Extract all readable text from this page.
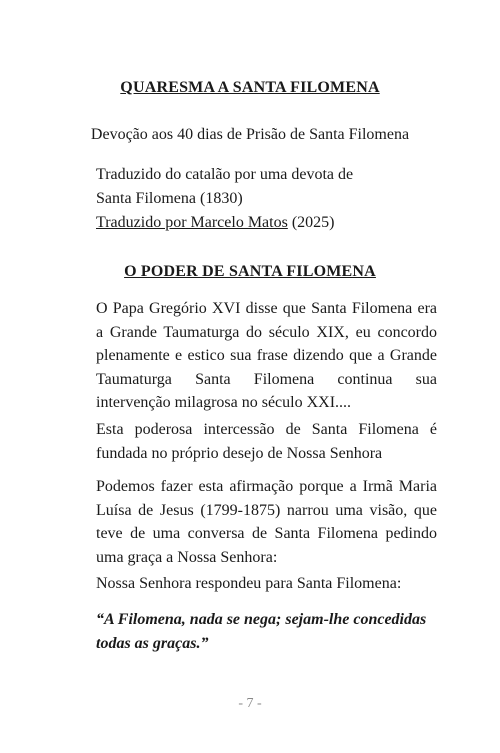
QUARESMA A SANTA FILOMENA
Devoção aos 40 dias de Prisão de Santa Filomena
Traduzido do catalão por uma devota de
Santa Filomena (1830)
Traduzido por Marcelo Matos (2025)
O PODER DE SANTA FILOMENA

O Papa Gregório XVI disse que Santa Filomena era a Grande Taumaturga do século XIX, eu concordo plenamente e estico sua frase dizendo que a Grande Taumaturga Santa Filomena continua sua intervenção milagrosa no século XXI....

Esta poderosa intercessão de Santa Filomena é fundada no próprio desejo de Nossa Senhora

Podemos fazer esta afirmação porque a Irmã Maria Luísa de Jesus (1799-1875) narrou uma visão, que teve de uma conversa de Santa Filomena pedindo uma graça a Nossa Senhora:

Nossa Senhora respondeu para Santa Filomena:

“A Filomena, nada se nega; sejam-lhe concedidas todas as graças.”

- 7 -
